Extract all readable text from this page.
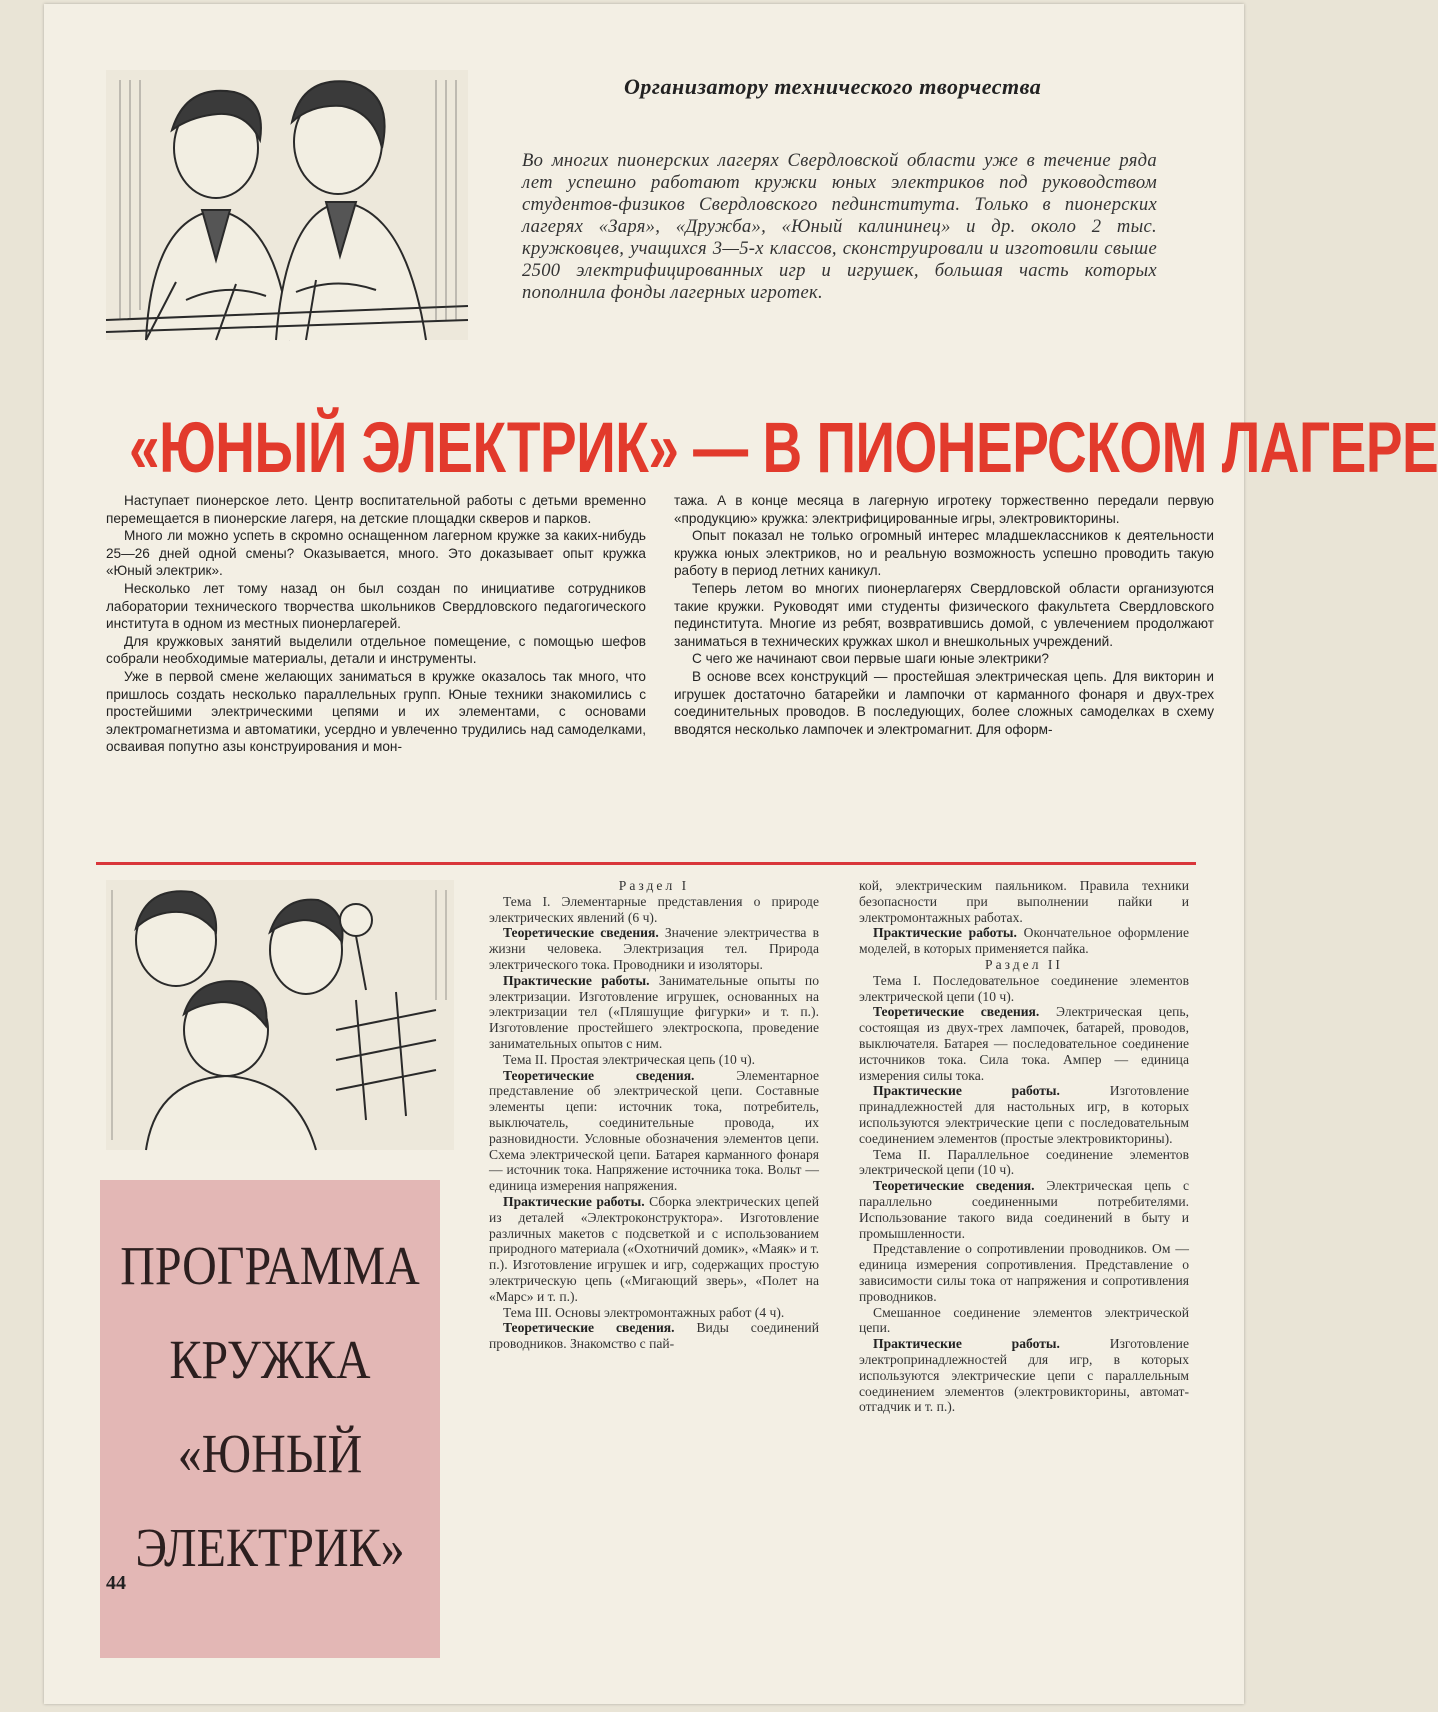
Организатору технического творчества
Во многих пионерских лагерях Свердловской области уже в течение ряда лет успешно работают кружки юных электриков под руководством студентов-физиков Свердловского пединститута. Только в пионерских лагерях «Заря», «Дружба», «Юный калининец» и др. около 2 тыс. кружковцев, учащихся 3—5-х классов, сконструировали и изготовили свыше 2500 электрифицированных игр и игрушек, большая часть которых пополнила фонды лагерных игротек.
«ЮНЫЙ ЭЛЕКТРИК» — В ПИОНЕРСКОМ ЛАГЕРЕ

Наступает пионерское лето. Центр воспитательной работы с детьми временно перемещается в пионерские лагеря, на детские площадки скверов и парков.

Много ли можно успеть в скромно оснащенном лагерном кружке за каких-нибудь 25—26 дней одной смены? Оказывается, много. Это доказывает опыт кружка «Юный электрик».

Несколько лет тому назад он был создан по инициативе сотрудников лаборатории технического творчества школьников Свердловского педагогического института в одном из местных пионерлагерей.

Для кружковых занятий выделили отдельное помещение, с помощью шефов собрали необходимые материалы, детали и инструменты.

Уже в первой смене желающих заниматься в кружке оказалось так много, что пришлось создать несколько параллельных групп. Юные техники знакомились с простейшими электрическими цепями и их элементами, с основами электромагнетизма и автоматики, усердно и увлеченно трудились над самоделками, осваивая попутно азы конструирования и мон-

тажа. А в конце месяца в лагерную игротеку торжественно передали первую «продукцию» кружка: электрифицированные игры, электровикторины.

Опыт показал не только огромный интерес младшеклассников к деятельности кружка юных электриков, но и реальную возможность успешно проводить такую работу в период летних каникул.

Теперь летом во многих пионерлагерях Свердловской области организуются такие кружки. Руководят ими студенты физического факультета Свердловского пединститута. Многие из ребят, возвратившись домой, с увлечением продолжают заниматься в технических кружках школ и внешкольных учреждений.

С чего же начинают свои первые шаги юные электрики?

В основе всех конструкций — простейшая электрическая цепь. Для викторин и игрушек достаточно батарейки и лампочки от карманного фонаря и двух-трех соединительных проводов. В последующих, более сложных самоделках в схему вводятся несколько лампочек и электромагнит. Для оформ-

ПРОГРАММА
КРУЖКА
«ЮНЫЙ
ЭЛЕКТРИК»

Раздел I

Тема I. Элементарные представления о природе электрических явлений (6 ч).

Теоретические сведения. Значение электричества в жизни человека. Электризация тел. Природа электрического тока. Проводники и изоляторы.

Практические работы. Занимательные опыты по электризации. Изготовление игрушек, основанных на электризации тел («Пляшущие фигурки» и т. п.). Изготовление простейшего электроскопа, проведение занимательных опытов с ним.

Тема II. Простая электрическая цепь (10 ч).

Теоретические сведения. Элементарное представление об электрической цепи. Составные элементы цепи: источник тока, потребитель, выключатель, соединительные провода, их разновидности. Условные обозначения элементов цепи. Схема электрической цепи. Батарея карманного фонаря — источник тока. Напряжение источника тока. Вольт — единица измерения напряжения.

Практические работы. Сборка электрических цепей из деталей «Электроконструктора». Изготовление различных макетов с подсветкой и с использованием природного материала («Охотничий домик», «Маяк» и т. п.). Изготовление игрушек и игр, содержащих простую электрическую цепь («Мигающий зверь», «Полет на «Марс» и т. п.).

Тема III. Основы электромонтажных работ (4 ч).

Теоретические сведения. Виды соединений проводников. Знакомство с пай-

кой, электрическим паяльником. Правила техники безопасности при выполнении пайки и электромонтажных работах.

Практические работы. Окончательное оформление моделей, в которых применяется пайка.

Раздел II

Тема I. Последовательное соединение элементов электрической цепи (10 ч).

Теоретические сведения. Электрическая цепь, состоящая из двух-трех лампочек, батарей, проводов, выключателя. Батарея — последовательное соединение источников тока. Сила тока. Ампер — единица измерения силы тока.

Практические работы. Изготовление принадлежностей для настольных игр, в которых используются электрические цепи с последовательным соединением элементов (простые электровикторины).

Тема II. Параллельное соединение элементов электрической цепи (10 ч).

Теоретические сведения. Электрическая цепь с параллельно соединенными потребителями. Использование такого вида соединений в быту и промышленности.

Представление о сопротивлении проводников. Ом — единица измерения сопротивления. Представление о зависимости силы тока от напряжения и сопротивления проводников.

Смешанное соединение элементов электрической цепи.

Практические работы. Изготовление электропринадлежностей для игр, в которых используются электрические цепи с параллельным соединением элементов (электровикторины, автомат-отгадчик и т. п.).

44
